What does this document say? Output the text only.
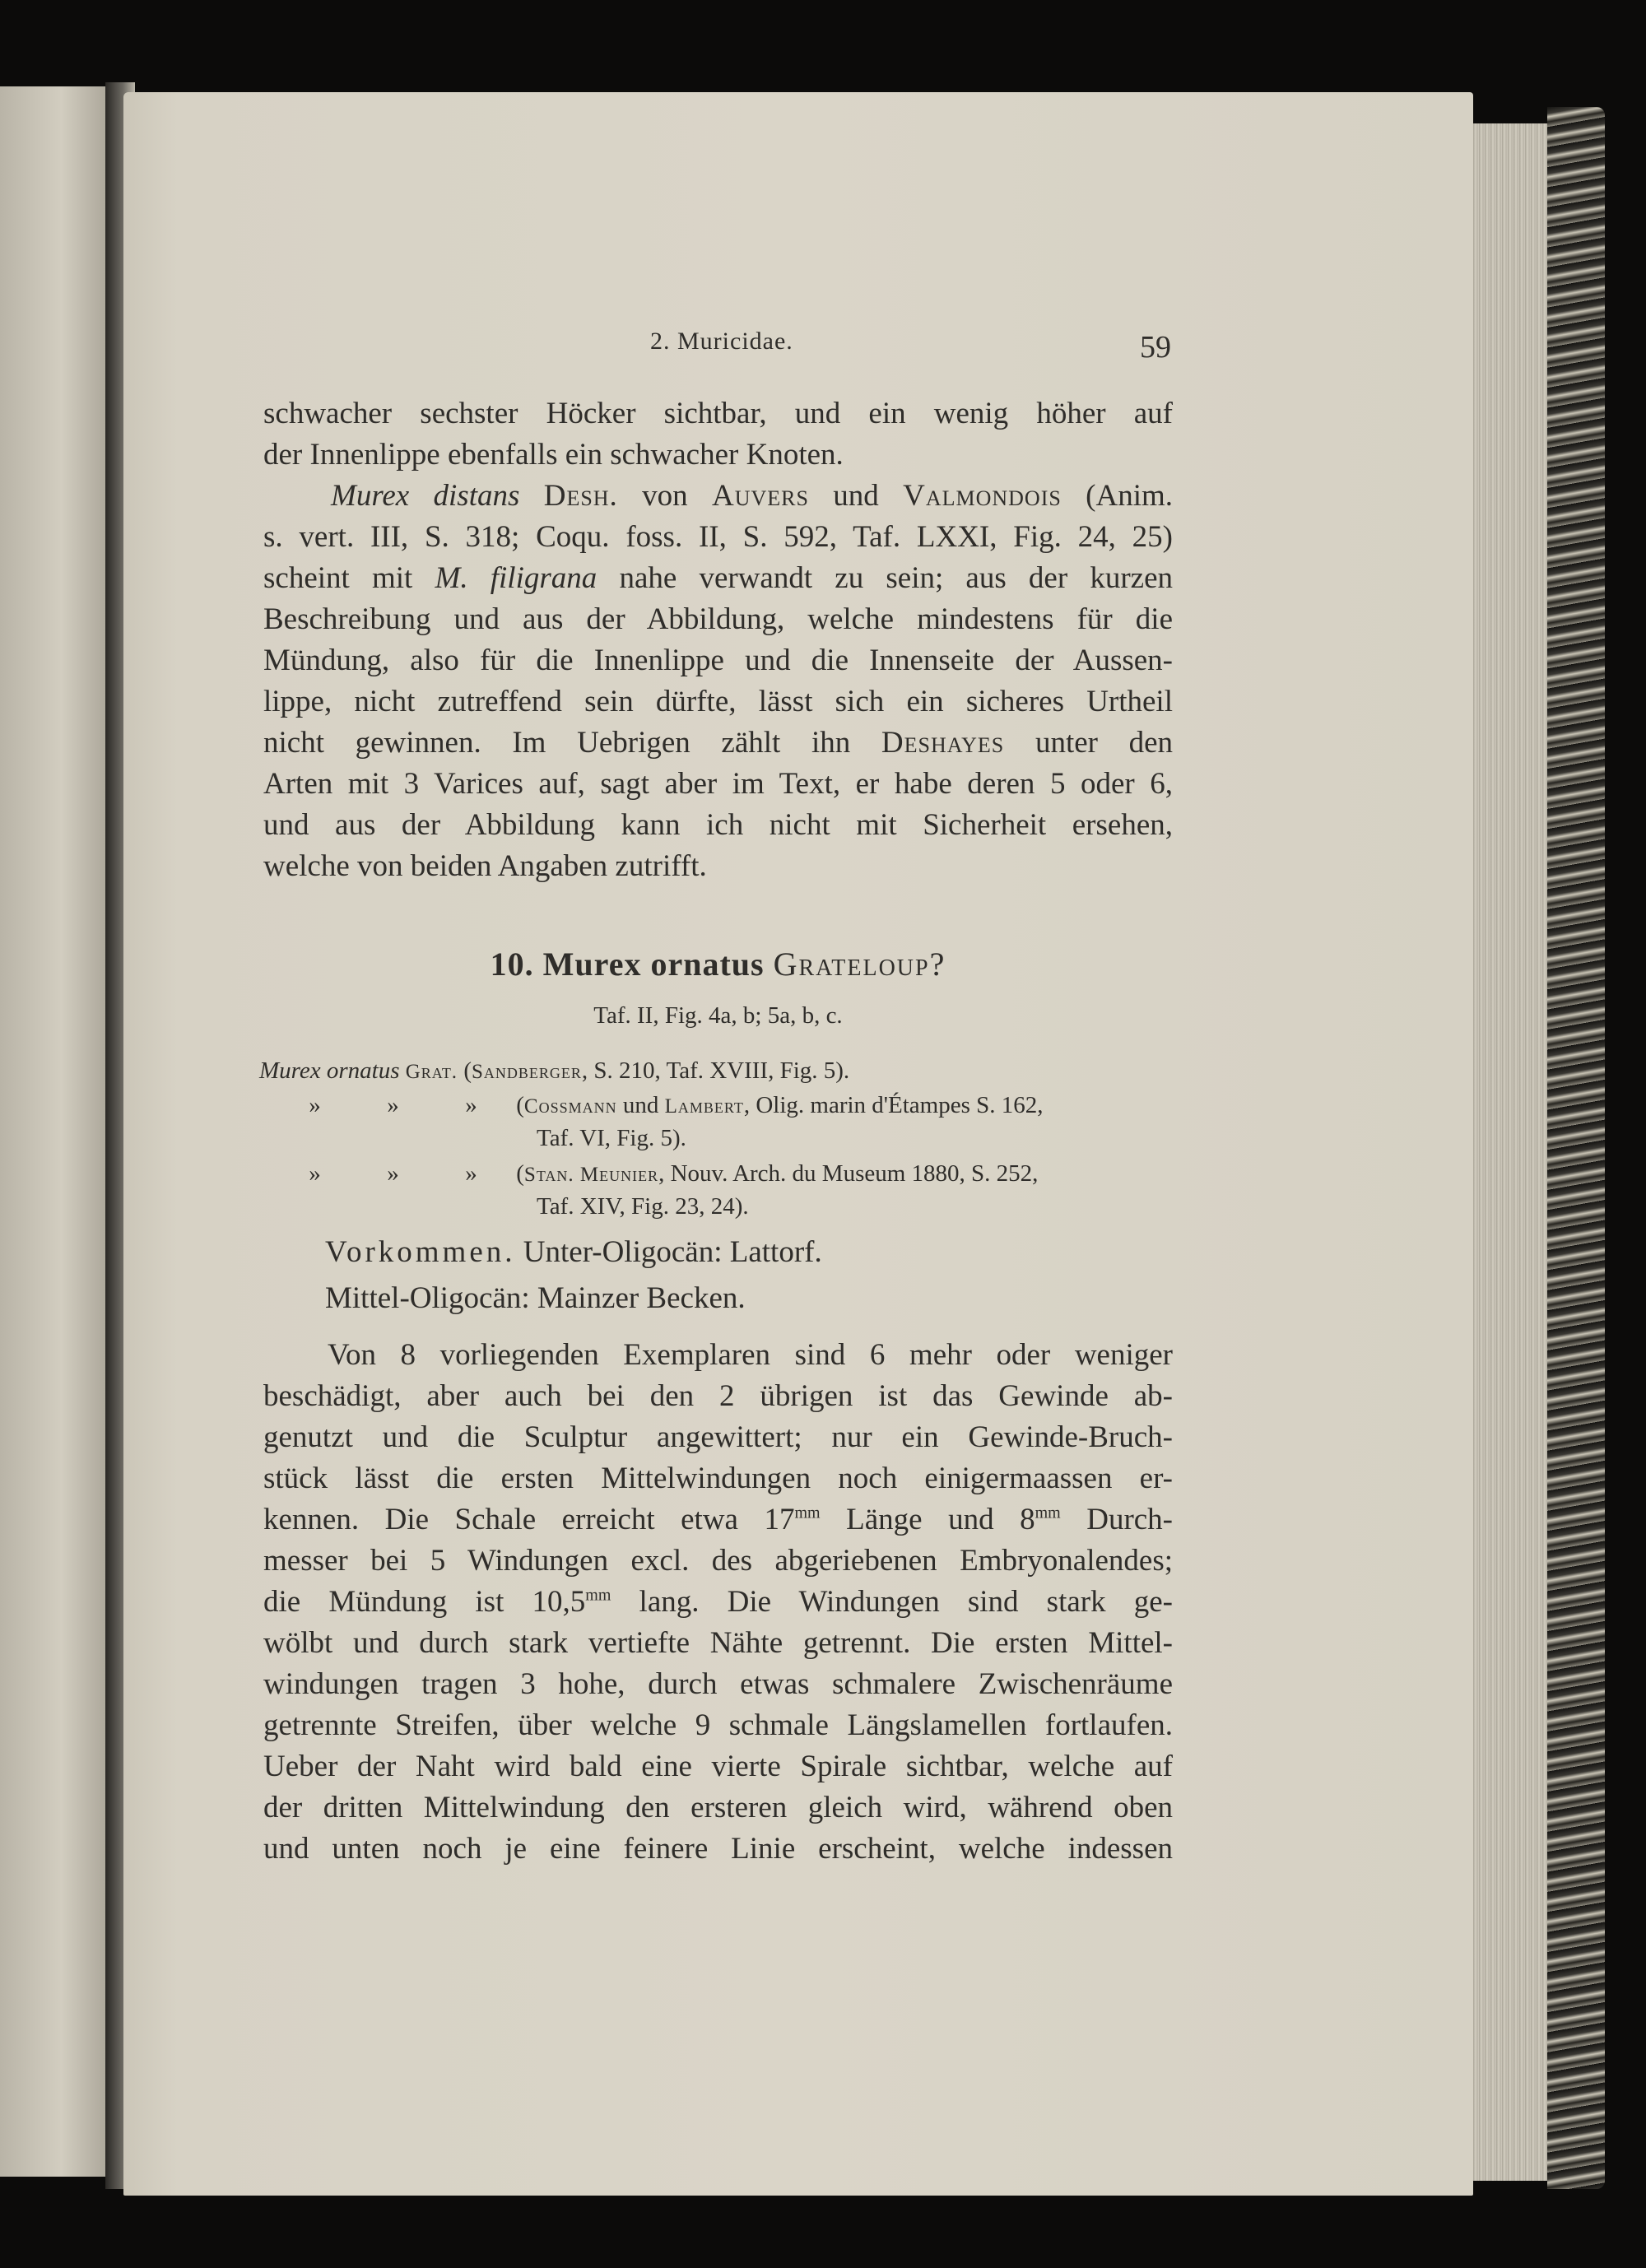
2. Muricidae.	59
schwacher sechster Höcker sichtbar, und ein wenig höher auf
der Innenlippe ebenfalls ein schwacher Knoten.
Murex distans Desh. von Auvers und Valmondois (Anim.
s. vert. III, S. 318; Coqu. foss. II, S. 592, Taf. LXXI, Fig. 24, 25)
scheint mit M. filigrana nahe verwandt zu sein; aus der kurzen
Beschreibung und aus der Abbildung, welche mindestens für die
Mündung, also für die Innenlippe und die Innenseite der Aussen-
lippe, nicht zutreffend sein dürfte, lässt sich ein sicheres Urtheil
nicht gewinnen. Im Uebrigen zählt ihn Deshayes unter den
Arten mit 3 Varices auf, sagt aber im Text, er habe deren 5 oder 6,
und aus der Abbildung kann ich nicht mit Sicherheit ersehen,
welche von beiden Angaben zutrifft.
10. Murex ornatus Grateloup?
Taf. II, Fig. 4a, b; 5a, b, c.
Murex ornatus Grat. (Sandberger, S. 210, Taf. XVIII, Fig. 5).
»	»	» (Cossmann und Lambert, Olig. marin d'Étampes S. 162,
Taf. VI, Fig. 5).
»	»	» (Stan. Meunier, Nouv. Arch. du Museum 1880, S. 252,
Taf. XIV, Fig. 23, 24).
Vorkommen. Unter-Oligocän: Lattorf.
Mittel-Oligocän: Mainzer Becken.
Von 8 vorliegenden Exemplaren sind 6 mehr oder weniger
beschädigt, aber auch bei den 2 übrigen ist das Gewinde ab-
genutzt und die Sculptur angewittert; nur ein Gewinde-Bruch-
stück lässt die ersten Mittelwindungen noch einigermaassen er-
kennen. Die Schale erreicht etwa $17^{mm}$ Länge und $8^{mm}$ Durch-
messer bei 5 Windungen excl. des abgeriebenen Embryonalendes;
die Mündung ist $10,5^{mm}$ lang. Die Windungen sind stark ge-
wölbt und durch stark vertiefte Nähte getrennt. Die ersten Mittel-
windungen tragen 3 hohe, durch etwas schmalere Zwischenräume
getrennte Streifen, über welche 9 schmale Längslamellen fortlaufen.
Ueber der Naht wird bald eine vierte Spirale sichtbar, welche auf
der dritten Mittelwindung den ersteren gleich wird, während oben
und unten noch je eine feinere Linie erscheint, welche indessen
